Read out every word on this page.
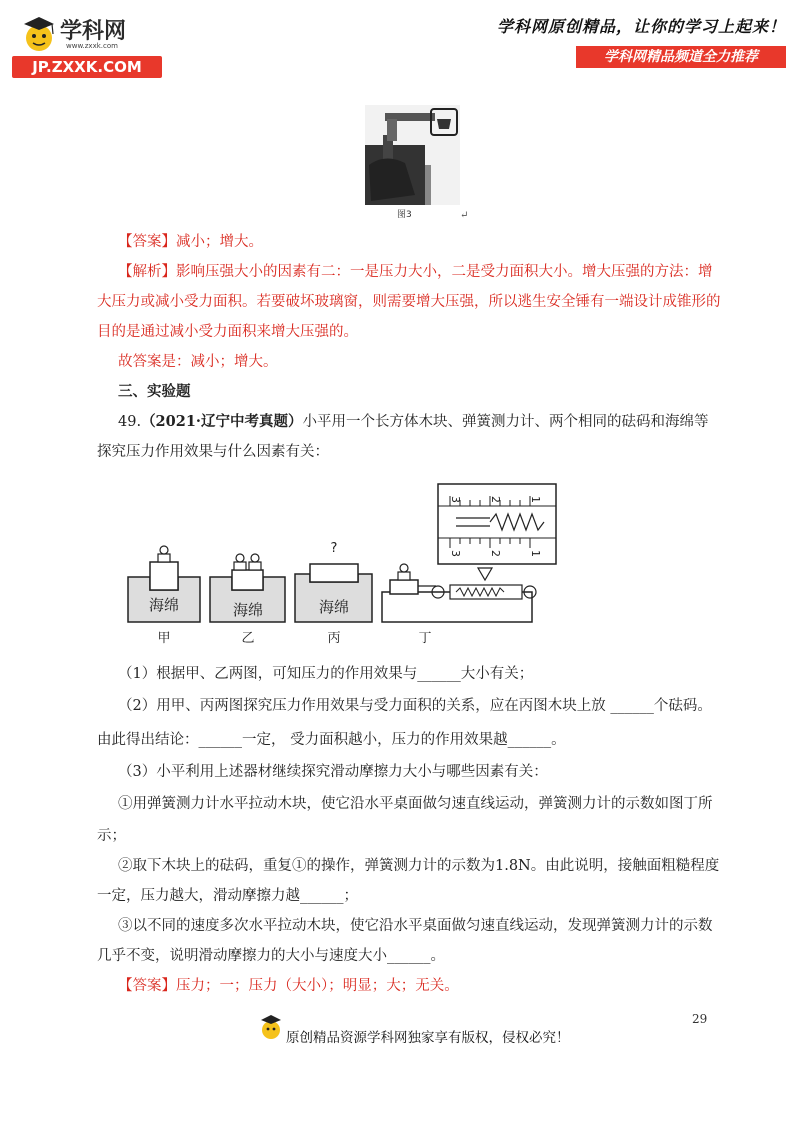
学科网
www.zxxk.com
JP.ZXXK.COM
学科网原创精品，让你的学习上起来！
学科网精品频道全力推荐
图3	↵
【答案】减小；增大。
【解析】影响压强大小的因素有二：一是压力大小，二是受力面积大小。增大压强的方法：增
大压力或减小受力面积。若要破坏玻璃窗，则需要增大压强，所以逃生安全锤有一端设计成锥形的
目的是通过减小受力面积来增大压强的。
故答案是：减小；增大。
三、实验题
49.（2021·辽宁中考真题）小平用一个长方体木块、弹簧测力计、两个相同的砝码和海绵等
探究压力作用效果与什么因素有关：
海绵
甲
海绵
乙
?
海绵
丙	丁
3 2 1
3 2 1
（1）根据甲、乙两图，可知压力的作用效果与______大小有关；
（2）用甲、丙两图探究压力作用效果与受力面积的关系，应在丙图木块上放 ______个砝码。
由此得出结论：______一定， 受力面积越小，压力的作用效果越______。
（3）小平利用上述器材继续探究滑动摩擦力大小与哪些因素有关：
①用弹簧测力计水平拉动木块，使它沿水平桌面做匀速直线运动，弹簧测力计的示数如图丁所
示；
②取下木块上的砝码，重复①的操作，弹簧测力计的示数为1.8N。由此说明，接触面粗糙程度
一定，压力越大，滑动摩擦力越______；
③以不同的速度多次水平拉动木块，使它沿水平桌面做匀速直线运动，发现弹簧测力计的示数
几乎不变，说明滑动摩擦力的大小与速度大小______。
【答案】压力；一；压力（大小）；明显；大；无关。
29
原创精品资源学科网独家享有版权，侵权必究！
